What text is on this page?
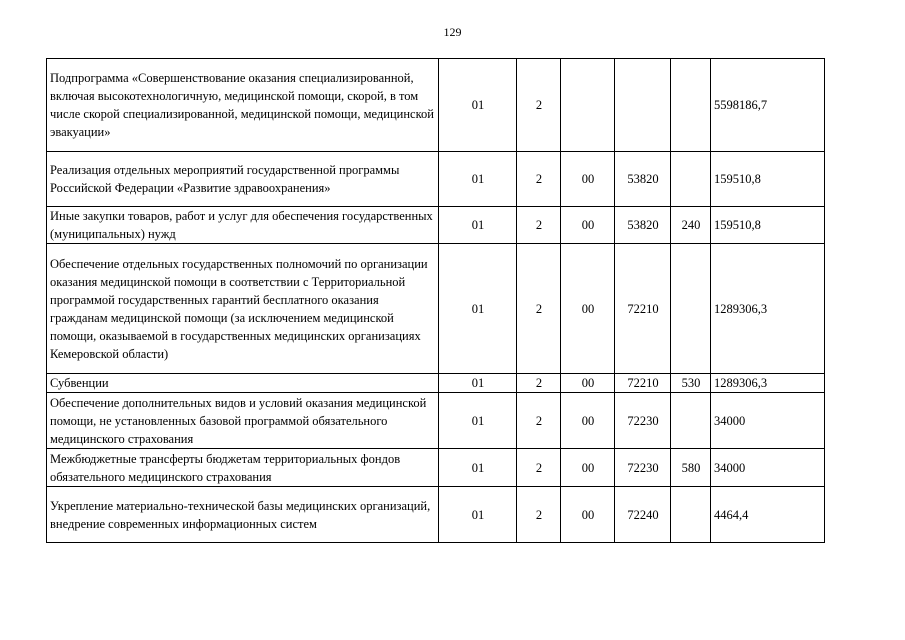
129
Подпрограмма «Совершенствование оказания специализированной, включая высокотехнологичную, медицинской помощи, скорой, в том числе скорой специализированной, медицинской помощи, медицинской эвакуации»	01	2				5598186,7
Реализация отдельных мероприятий государственной программы Российской Федерации «Развитие здравоохранения»	01	2	00	53820		159510,8
Иные закупки товаров, работ и услуг для обеспечения государственных (муниципальных) нужд	01	2	00	53820	240	159510,8
Обеспечение отдельных государственных полномочий по организации оказания медицинской помощи в соответствии с Территориальной программой государственных гарантий бесплатного оказания гражданам медицинской помощи (за исключением медицинской помощи, оказываемой в государственных медицинских организациях Кемеровской области)	01	2	00	72210		1289306,3
Субвенции	01	2	00	72210	530	1289306,3
Обеспечение дополнительных видов и условий оказания медицинской помощи, не установленных базовой программой обязательного медицинского страхования	01	2	00	72230		34000
Межбюджетные трансферты бюджетам территориальных фондов обязательного медицинского страхования	01	2	00	72230	580	34000
Укрепление материально-технической базы медицинских организаций, внедрение современных информационных систем	01	2	00	72240		4464,4
